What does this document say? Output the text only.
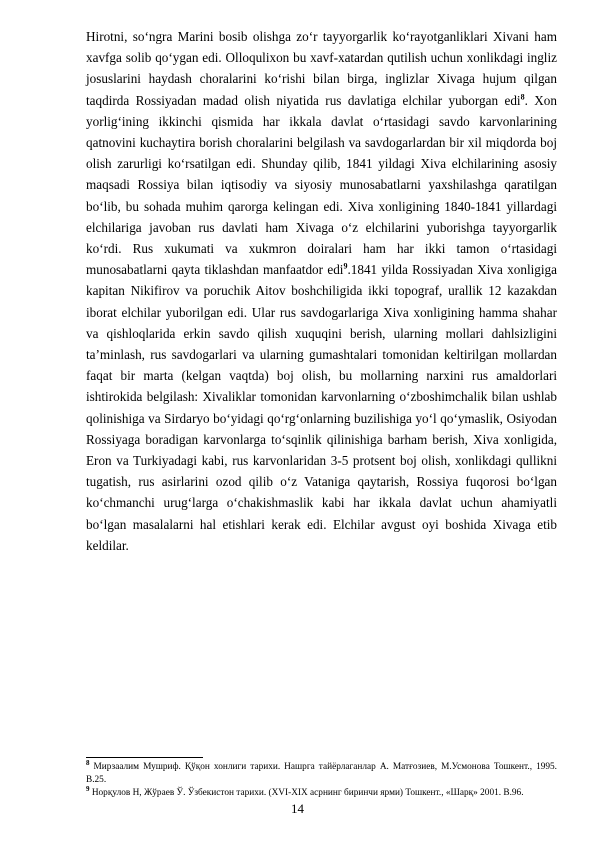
Hirotni, so‘ngra Marini bosib olishga zo‘r tayyorgarlik ko‘rayotganliklari Xivani ham xavfga solib qo‘ygan edi. Olloqulixon bu xavf-xatardan qutilish uchun xonlikdagi ingliz josuslarini haydash choralarini ko‘rishi bilan birga, inglizlar Xivaga hujum qilgan taqdirda Rossiyadan madad olish niyatida rus davlatiga elchilar yuborgan edi$^8$. Xon yorlig‘ining ikkinchi qismida har ikkala davlat o‘rtasidagi savdo karvonlarining qatnovini kuchaytira borish choralarini belgilash va savdogarlardan bir xil miqdorda boj olish zarurligi ko‘rsatilgan edi. Shunday qilib, 1841 yildagi Xiva elchilarining asosiy maqsadi Rossiya bilan iqtisodiy va siyosiy munosabatlarni yaxshilashga qaratilgan bo‘lib, bu sohada muhim qarorga kelingan edi. Xiva xonligining 1840-1841 yillardagi elchilariga javoban rus davlati ham Xivaga o‘z elchilarini yuborishga tayyorgarlik ko‘rdi. Rus xukumati va xukmron doiralari ham har ikki tamon o‘rtasidagi munosabatlarni qayta tiklashdan manfaatdor edi$^9$.1841 yilda Rossiyadan Xiva xonligiga kapitan Nikifirov va poruchik Aitov boshchiligida ikki topograf, urallik 12 kazakdan iborat elchilar yuborilgan edi. Ular rus savdogarlariga Xiva xonligining hamma shahar va qishloqlarida erkin savdo qilish xuquqini berish, ularning mollari dahlsizligini ta’minlash, rus savdogarlari va ularning gumashtalari tomonidan keltirilgan mollardan faqat bir marta (kelgan vaqtda) boj olish, bu mollarning narxini rus amaldorlari ishtirokida belgilash: Xivaliklar tomonidan karvonlarning o‘zboshimchalik bilan ushlab qolinishiga va Sirdaryo bo‘yidagi qo‘rg‘onlarning buzilishiga yo‘l qo‘ymaslik, Osiyodan Rossiyaga boradigan karvonlarga to‘sqinlik qilinishiga barham berish, Xiva xonligida, Eron va Turkiyadagi kabi, rus karvonlaridan 3-5 protsent boj olish, xonlikdagi qullikni tugatish, rus asirlarini ozod qilib o‘z Vataniga qaytarish, Rossiya fuqorosi bo‘lgan ko‘chmanchi urug‘larga o‘chakishmaslik kabi har ikkala davlat uchun ahamiyatli bo‘lgan masalalarni hal etishlari kerak edi. Elchilar avgust oyi boshida Xivaga etib keldilar.

$^8$ Мирзаалим Мушриф. Қўқон хонлиги тарихи. Нашрга тайёрлаганлар А. Матғозиев, М.Усмонова Тошкент., 1995. B.25.

$^9$ Норқулов Н, Жўраев Ў. Ўзбекистон тарихи. (XVI-XIX асрнинг биринчи ярми) Тошкент., «Шарқ» 2001. B.96.

14
